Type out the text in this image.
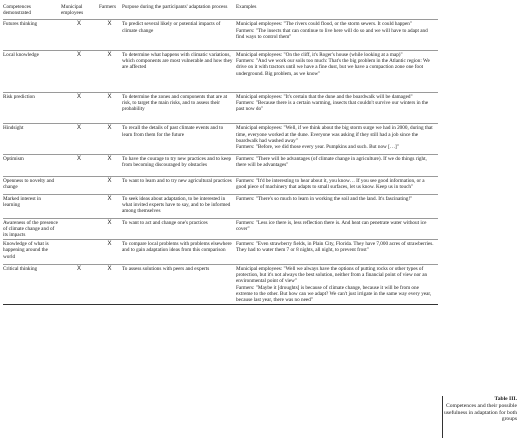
Competences demonstrated	Municipal employees	Farmers	Purpose during the participants' adaptation process	Examples
Futures thinking	X	X	To predict several likely or potential impacts of climate change	Municipal employees: "The rivers could flood, or the storm sewers. It could happen"
Farmers: "The insects that can continue to live here will do so and we will have to adapt and find ways to control them"
Local knowledge	X	X	To determine what happens with climatic variations, which components are most vulnerable and how they are affected	Municipal employees: "On the cliff, it's Roger's house (while looking at a map)"
Farmers: "And we work our soils too much: That's the big problem in the Atlantic region: We drive on it with tractors until we have a fine dust, but we have a compaction zone one foot underground. Big problem, as we know"
Risk prediction	X	X	To determine the zones and components that are at risk, to target the main risks, and to assess their probability	Municipal employees: "It's certain that the dune and the boardwalk will be damaged"
Farmers: "Because there is a certain warming, insects that couldn't survive our winters in the past now do"
Hindsight	X	X	To recall the details of past climate events and to learn from them for the future	Municipal employees: "Well, if we think about the big storm surge we had in 2000, during that time, everyone worked at the dune. Everyone was asking if they still had a job since the boardwalk had washed away"
Farmers: "Before, we did those every year. Pumpkins and such. But now […]"
Optimism	X	X	To have the courage to try new practices and to keep from becoming discouraged by obstacles	Farmers: "There will be advantages (of climate change in agriculture). If we do things right, there will be advantages"
Openness to novelty and change		X	To want to learn and to try new agricultural practices	Farmers: "It'd be interesting to hear about it, you know… If you see good information, or a good piece of machinery that adapts to small surfaces, let us know. Keep us in touch"
Marked interest in learning		X	To seek ideas about adaptation, to be interested in what invited experts have to say, and to be informed among themselves	Farmers: "There's so much to learn in working the soil and the land. It's fascinating!"
Awareness of the presence of climate change and of its impacts		X	To want to act and change one's practices	Farmers: "Less ice there is, less reflection there is. And heat can penetrate water without ice cover"
Knowledge of what is happening around the world		X	To compare local problems with problems elsewhere and to gain adaptation ideas from this comparison	Farmers: "Even strawberry fields, in Plain City, Florida. They have 7,000 acres of strawberries. They had to water them 7 or 8 nights, all night, to prevent frost"
Critical thinking	X	X	To assess solutions with peers and experts	Municipal employees: "Well we always have the options of putting rocks or other types of protection, but it's not always the best solution, neither from a financial point of view nor an environmental point of view"
Farmers: "Maybe it [droughts] is because of climate change, because it will be from one extreme to the other. But how can we adapt? We can't just irrigate in the same way every year, because last year, there was no need"
Table III.
Competences and their possible usefulness in adaptation for both groups
